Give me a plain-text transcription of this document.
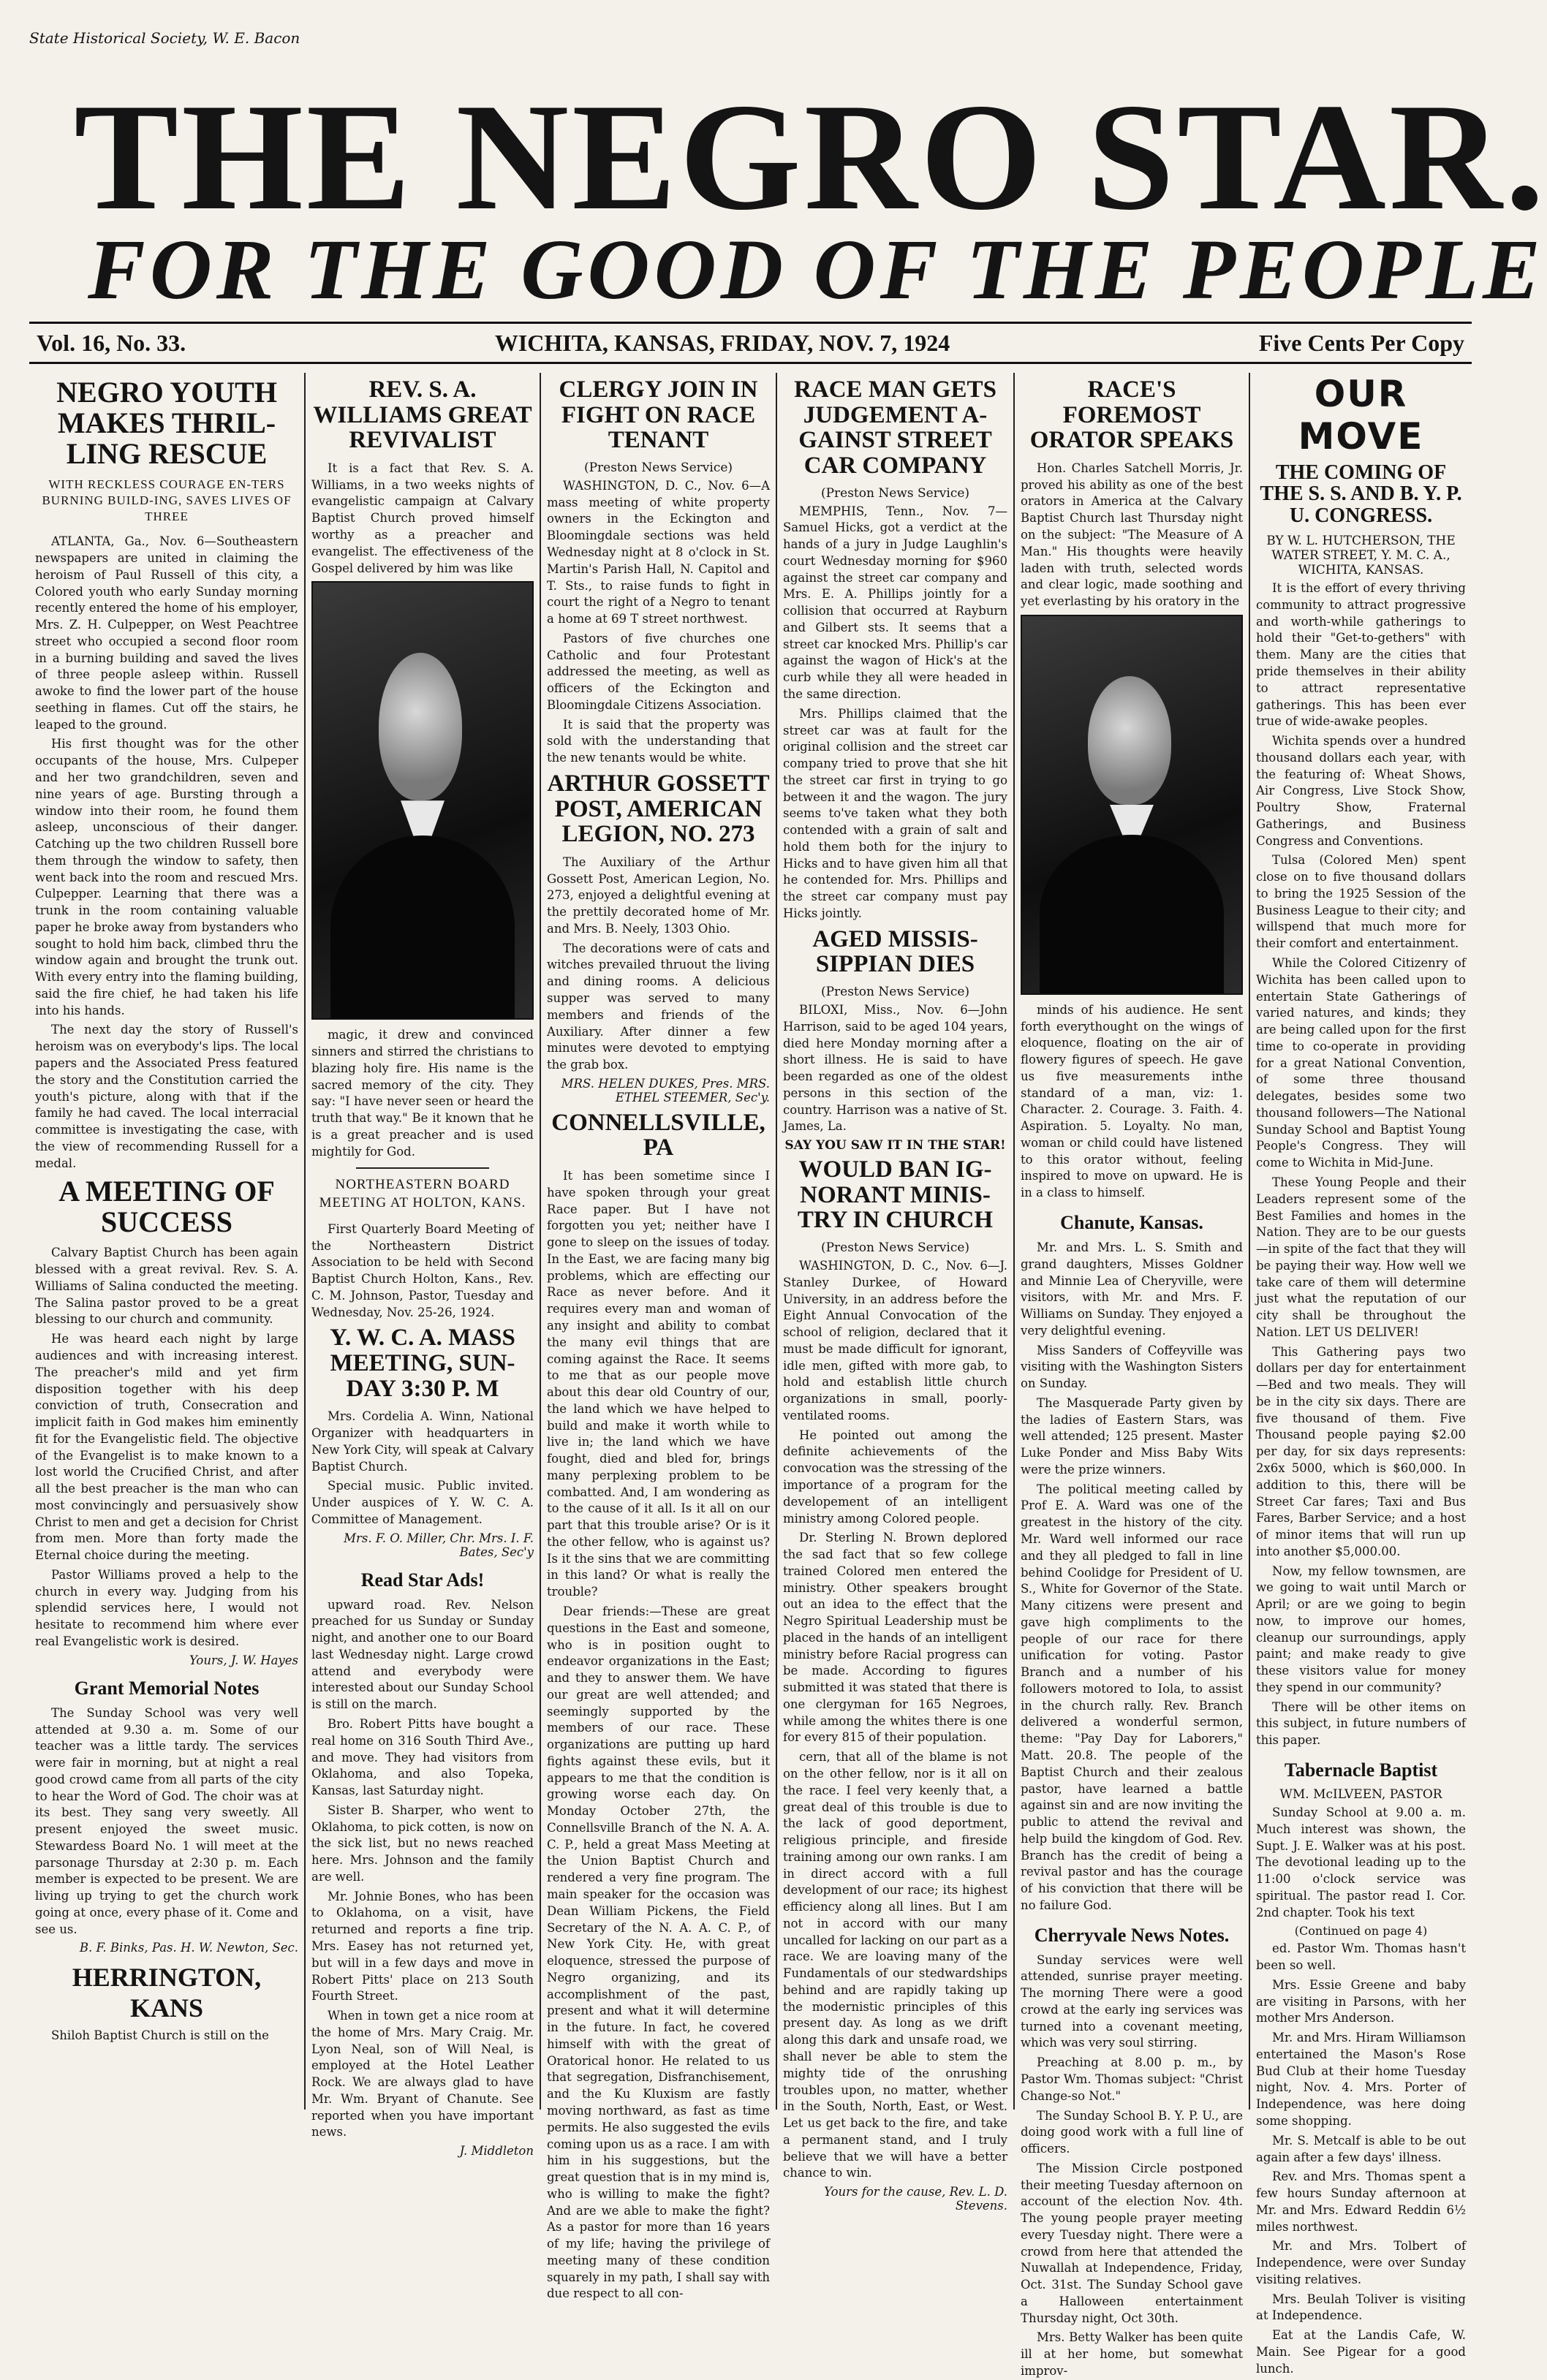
State Historical Society, W. E. Bacon
THE NEGRO STAR.
FOR THE GOOD OF THE PEOPLE
Vol. 16, No. 33.	WICHITA, KANSAS, FRIDAY, NOV. 7, 1924	Five Cents Per Copy
NEGRO YOUTH MAKES THRIL-LING RESCUE
WITH RECKLESS COURAGE EN-TERS BURNING BUILD-ING, SAVES LIVES OF THREE

ATLANTA, Ga., Nov. 6—Southeastern newspapers are united in claiming the heroism of Paul Russell of this city, a Colored youth who early Sunday morning recently entered the home of his employer, Mrs. Z. H. Culpepper, on West Peachtree street who occupied a second floor room in a burning building and saved the lives of three people asleep within. Russell awoke to find the lower part of the house seething in flames. Cut off the stairs, he leaped to the ground.

His first thought was for the other occupants of the house, Mrs. Culpeper and her two grandchildren, seven and nine years of age. Bursting through a window into their room, he found them asleep, unconscious of their danger. Catching up the two children Russell bore them through the window to safety, then went back into the room and rescued Mrs. Culpepper. Learning that there was a trunk in the room containing valuable paper he broke away from bystanders who sought to hold him back, climbed thru the window again and brought the trunk out. With every entry into the flaming building, said the fire chief, he had taken his life into his hands.

The next day the story of Russell's heroism was on everybody's lips. The local papers and the Associated Press featured the story and the Constitution carried the youth's picture, along with that if the family he had caved. The local interracial committee is investigating the case, with the view of recommending Russell for a medal.

A MEETING OF SUCCESS

Calvary Baptist Church has been again blessed with a great revival. Rev. S. A. Williams of Salina conducted the meeting. The Salina pastor proved to be a great blessing to our church and community.

He was heard each night by large audiences and with increasing interest. The preacher's mild and yet firm disposition together with his deep conviction of truth, Consecration and implicit faith in God makes him eminently fit for the Evangelistic field. The objective of the Evangelist is to make known to a lost world the Crucified Christ, and after all the best preacher is the man who can most convincingly and persuasively show Christ to men and get a decision for Christ from men. More than forty made the Eternal choice during the meeting.

Pastor Williams proved a help to the church in every way. Judging from his splendid services here, I would not hesitate to recommend him where ever real Evangelistic work is desired.

Yours, J. W. Hayes
Grant Memorial Notes

The Sunday School was very well attended at 9.30 a. m. Some of our teacher was a little tardy. The services were fair in morning, but at night a real good crowd came from all parts of the city to hear the Word of God. The choir was at its best. They sang very sweetly. All present enjoyed the sweet music. Stewardess Board No. 1 will meet at the parsonage Thursday at 2:30 p. m. Each member is expected to be present. We are living up trying to get the church work going at once, every phase of it. Come and see us.

B. F. Binks, Pas. H. W. Newton, Sec.
HERRINGTON, KANS

Shiloh Baptist Church is still on the

REV. S. A. WILLIAMS GREAT REVIVALIST

It is a fact that Rev. S. A. Williams, in a two weeks nights of evangelistic campaign at Calvary Baptist Church proved himself worthy as a preacher and evangelist. The effectiveness of the Gospel delivered by him was like

magic, it drew and convinced sinners and stirred the christians to blazing holy fire. His name is the sacred memory of the city. They say: "I have never seen or heard the truth that way." Be it known that he is a great preacher and is used mightily for God.

NORTHEASTERN BOARD MEETING AT HOLTON, KANS.

First Quarterly Board Meeting of the Northeastern District Association to be held with Second Baptist Church Holton, Kans., Rev. C. M. Johnson, Pastor, Tuesday and Wednesday, Nov. 25-26, 1924.

Y. W. C. A. MASS MEETING, SUN-DAY 3:30 P. M

Mrs. Cordelia A. Winn, National Organizer with headquarters in New York City, will speak at Calvary Baptist Church.

Special music. Public invited. Under auspices of Y. W. C. A. Committee of Management.

Mrs. F. O. Miller, Chr. Mrs. I. F. Bates, Sec'y
Read Star Ads!

upward road. Rev. Nelson preached for us Sunday or Sunday night, and another one to our Board last Wednesday night. Large crowd attend and everybody were interested about our Sunday School is still on the march.

Bro. Robert Pitts have bought a real home on 316 South Third Ave., and move. They had visitors from Oklahoma, and also Topeka, Kansas, last Saturday night.

Sister B. Sharper, who went to Oklahoma, to pick cotten, is now on the sick list, but no news reached here. Mrs. Johnson and the family are well.

Mr. Johnie Bones, who has been to Oklahoma, on a visit, have returned and reports a fine trip. Mrs. Easey has not returned yet, but will in a few days and move in Robert Pitts' place on 213 South Fourth Street.

When in town get a nice room at the home of Mrs. Mary Craig. Mr. Lyon Neal, son of Will Neal, is employed at the Hotel Leather Rock. We are always glad to have Mr. Wm. Bryant of Chanute. See reported when you have important news.

J. Middleton
CLERGY JOIN IN FIGHT ON RACE TENANT
(Preston News Service)

WASHINGTON, D. C., Nov. 6—A mass meeting of white property owners in the Eckington and Bloomingdale sections was held Wednesday night at 8 o'clock in St. Martin's Parish Hall, N. Capitol and T. Sts., to raise funds to fight in court the right of a Negro to tenant a home at 69 T street northwest.

Pastors of five churches one Catholic and four Protestant addressed the meeting, as well as officers of the Eckington and Bloomingdale Citizens Association.

It is said that the property was sold with the understanding that the new tenants would be white.

ARTHUR GOSSETT POST, AMERICAN LEGION, NO. 273

The Auxiliary of the Arthur Gossett Post, American Legion, No. 273, enjoyed a delightful evening at the prettily decorated home of Mr. and Mrs. B. Neely, 1303 Ohio.

The decorations were of cats and witches prevailed thruout the living and dining rooms. A delicious supper was served to many members and friends of the Auxiliary. After dinner a few minutes were devoted to emptying the grab box.

MRS. HELEN DUKES, Pres. MRS. ETHEL STEEMER, Sec'y.
CONNELLSVILLE, PA

It has been sometime since I have spoken through your great Race paper. But I have not forgotten you yet; neither have I gone to sleep on the issues of today. In the East, we are facing many big problems, which are effecting our Race as never before. And it requires every man and woman of any insight and ability to combat the many evil things that are coming against the Race. It seems to me that as our people move about this dear old Country of our, the land which we have helped to build and make it worth while to live in; the land which we have fought, died and bled for, brings many perplexing problem to be combatted. And, I am wondering as to the cause of it all. Is it all on our part that this trouble arise? Or is it the other fellow, who is against us? Is it the sins that we are committing in this land? Or what is really the trouble?

Dear friends:—These are great questions in the East and someone, who is in position ought to endeavor organizations in the East; and they to answer them. We have our great are well attended; and seemingly supported by the members of our race. These organizations are putting up hard fights against these evils, but it appears to me that the condition is growing worse each day. On Monday October 27th, the Connellsville Branch of the N. A. A. C. P., held a great Mass Meeting at the Union Baptist Church and rendered a very fine program. The main speaker for the occasion was Dean William Pickens, the Field Secretary of the N. A. A. C. P., of New York City. He, with great eloquence, stressed the purpose of Negro organizing, and its accomplishment of the past, present and what it will determine in the future. In fact, he covered himself with with the great of Oratorical honor. He related to us that segregation, Disfranchisement, and the Ku Kluxism are fastly moving northward, as fast as time permits. He also suggested the evils coming upon us as a race. I am with him in his suggestions, but the great question that is in my mind is, who is willing to make the fight? And are we able to make the fight? As a pastor for more than 16 years of my life; having the privilege of meeting many of these condition squarely in my path, I shall say with due respect to all con-

RACE MAN GETS JUDGEMENT A-GAINST STREET CAR COMPANY
(Preston News Service)

MEMPHIS, Tenn., Nov. 7—Samuel Hicks, got a verdict at the hands of a jury in Judge Laughlin's court Wednesday morning for $960 against the street car company and Mrs. E. A. Phillips jointly for a collision that occurred at Rayburn and Gilbert sts. It seems that a street car knocked Mrs. Phillip's car against the wagon of Hick's at the curb while they all were headed in the same direction.

Mrs. Phillips claimed that the street car was at fault for the original collision and the street car company tried to prove that she hit the street car first in trying to go between it and the wagon. The jury seems to've taken what they both contended with a grain of salt and hold them both for the injury to Hicks and to have given him all that he contended for. Mrs. Phillips and the street car company must pay Hicks jointly.

AGED MISSIS-SIPPIAN DIES
(Preston News Service)

BILOXI, Miss., Nov. 6—John Harrison, said to be aged 104 years, died here Monday morning after a short illness. He is said to have been regarded as one of the oldest persons in this section of the country. Harrison was a native of St. James, La.

SAY YOU SAW IT IN THE STAR!
WOULD BAN IG-NORANT MINIS-TRY IN CHURCH
(Preston News Service)

WASHINGTON, D. C., Nov. 6—J. Stanley Durkee, of Howard University, in an address before the Eight Annual Convocation of the school of religion, declared that it must be made difficult for ignorant, idle men, gifted with more gab, to hold and establish little church organizations in small, poorly-ventilated rooms.

He pointed out among the definite achievements of the convocation was the stressing of the importance of a program for the developement of an intelligent ministry among Colored people.

Dr. Sterling N. Brown deplored the sad fact that so few college trained Colored men entered the ministry. Other speakers brought out an idea to the effect that the Negro Spiritual Leadership must be placed in the hands of an intelligent ministry before Racial progress can be made. According to figures submitted it was stated that there is one clergyman for 165 Negroes, while among the whites there is one for every 815 of their population.

cern, that all of the blame is not on the other fellow, nor is it all on the race. I feel very keenly that, a great deal of this trouble is due to the lack of good deportment, religious principle, and fireside training among our own ranks. I am in direct accord with a full development of our race; its highest efficiency along all lines. But I am not in accord with our many uncalled for lacking on our part as a race. We are loaving many of the Fundamentals of our stedwardships behind and are rapidly taking up the modernistic principles of this present day. As long as we drift along this dark and unsafe road, we shall never be able to stem the mighty tide of the onrushing troubles upon, no matter, whether in the South, North, East, or West. Let us get back to the fire, and take a permanent stand, and I truly believe that we will have a better chance to win.

Yours for the cause, Rev. L. D. Stevens.
RACE'S FOREMOST ORATOR SPEAKS

Hon. Charles Satchell Morris, Jr. proved his ability as one of the best orators in America at the Calvary Baptist Church last Thursday night on the subject: "The Measure of A Man." His thoughts were heavily laden with truth, selected words and clear logic, made soothing and yet everlasting by his oratory in the

minds of his audience. He sent forth everythought on the wings of eloquence, floating on the air of flowery figures of speech. He gave us five measurements inthe standard of a man, viz: 1. Character. 2. Courage. 3. Faith. 4. Aspiration. 5. Loyalty. No man, woman or child could have listened to this orator without, feeling inspired to move on upward. He is in a class to himself.

Chanute, Kansas.

Mr. and Mrs. L. S. Smith and grand daughters, Misses Goldner and Minnie Lea of Cheryville, were visitors, with Mr. and Mrs. F. Williams on Sunday. They enjoyed a very delightful evening.

Miss Sanders of Coffeyville was visiting with the Washington Sisters on Sunday.

The Masquerade Party given by the ladies of Eastern Stars, was well attended; 125 present. Master Luke Ponder and Miss Baby Wits were the prize winners.

The political meeting called by Prof E. A. Ward was one of the greatest in the history of the city. Mr. Ward well informed our race and they all pledged to fall in line behind Coolidge for President of U. S., White for Governor of the State. Many citizens were present and gave high compliments to the people of our race for there unification for voting. Pastor Branch and a number of his followers motored to Iola, to assist in the church rally. Rev. Branch delivered a wonderful sermon, theme: "Pay Day for Laborers," Matt. 20.8. The people of the Baptist Church and their zealous pastor, have learned a battle against sin and are now inviting the public to attend the revival and help build the kingdom of God. Rev. Branch has the credit of being a revival pastor and has the courage of his conviction that there will be no failure God.

Cherryvale News Notes.

Sunday services were well attended, sunrise prayer meeting. The morning There were a good crowd at the early ing services was turned into a covenant meeting, which was very soul stirring.

Preaching at 8.00 p. m., by Pastor Wm. Thomas subject: "Christ Change-so Not."

The Sunday School B. Y. P. U., are doing good work with a full line of officers.

The Mission Circle postponed their meeting Tuesday afternoon on account of the election Nov. 4th. The young people prayer meeting every Tuesday night. There were a crowd from here that attended the Nuwallah at Independence, Friday, Oct. 31st. The Sunday School gave a Halloween entertainment Thursday night, Oct 30th.

Mrs. Betty Walker has been quite ill at her home, but somewhat improv-

OUR MOVE
THE COMING OF THE S. S. AND B. Y. P. U. CONGRESS.
BY W. L. HUTCHERSON, THE WATER STREET, Y. M. C. A., WICHITA, KANSAS.

It is the effort of every thriving community to attract progressive and worth-while gatherings to hold their "Get-to-gethers" with them. Many are the cities that pride themselves in their ability to attract representative gatherings. This has been ever true of wide-awake peoples.

Wichita spends over a hundred thousand dollars each year, with the featuring of: Wheat Shows, Air Congress, Live Stock Show, Poultry Show, Fraternal Gatherings, and Business Congress and Conventions.

Tulsa (Colored Men) spent close on to five thousand dollars to bring the 1925 Session of the Business League to their city; and willspend that much more for their comfort and entertainment.

While the Colored Citizenry of Wichita has been called upon to entertain State Gatherings of varied natures, and kinds; they are being called upon for the first time to co-operate in providing for a great National Convention, of some three thousand delegates, besides some two thousand followers—The National Sunday School and Baptist Young People's Congress. They will come to Wichita in Mid-June.

These Young People and their Leaders represent some of the Best Families and homes in the Nation. They are to be our guests—in spite of the fact that they will be paying their way. How well we take care of them will determine just what the reputation of our city shall be throughout the Nation. LET US DELIVER!

This Gathering pays two dollars per day for entertainment—Bed and two meals. They will be in the city six days. There are five thousand of them. Five Thousand people paying $2.00 per day, for six days represents: 2x6x 5000, which is $60,000. In addition to this, there will be Street Car fares; Taxi and Bus Fares, Barber Service; and a host of minor items that will run up into another $5,000.00.

Now, my fellow townsmen, are we going to wait until March or April; or are we going to begin now, to improve our homes, cleanup our surroundings, apply paint; and make ready to give these visitors value for money they spend in our community?

There will be other items on this subject, in future numbers of this paper.

Tabernacle Baptist
WM. McILVEEN, PASTOR

Sunday School at 9.00 a. m. Much interest was shown, the Supt. J. E. Walker was at his post. The devotional leading up to the 11:00 o'clock service was spiritual. The pastor read I. Cor. 2nd chapter. Took his text

(Continued on page 4)

ed. Pastor Wm. Thomas hasn't been so well.

Mrs. Essie Greene and baby are visiting in Parsons, with her mother Mrs Anderson.

Mr. and Mrs. Hiram Williamson entertained the Mason's Rose Bud Club at their home Tuesday night, Nov. 4. Mrs. Porter of Independence, was here doing some shopping.

Mr. S. Metcalf is able to be out again after a few days' illness.

Rev. and Mrs. Thomas spent a few hours Sunday afternoon at Mr. and Mrs. Edward Reddin 6½ miles northwest.

Mr. and Mrs. Tolbert of Independence, were over Sunday visiting relatives.

Mrs. Beulah Toliver is visiting at Independence.

Eat at the Landis Cafe, W. Main. See Pigear for a good lunch.
